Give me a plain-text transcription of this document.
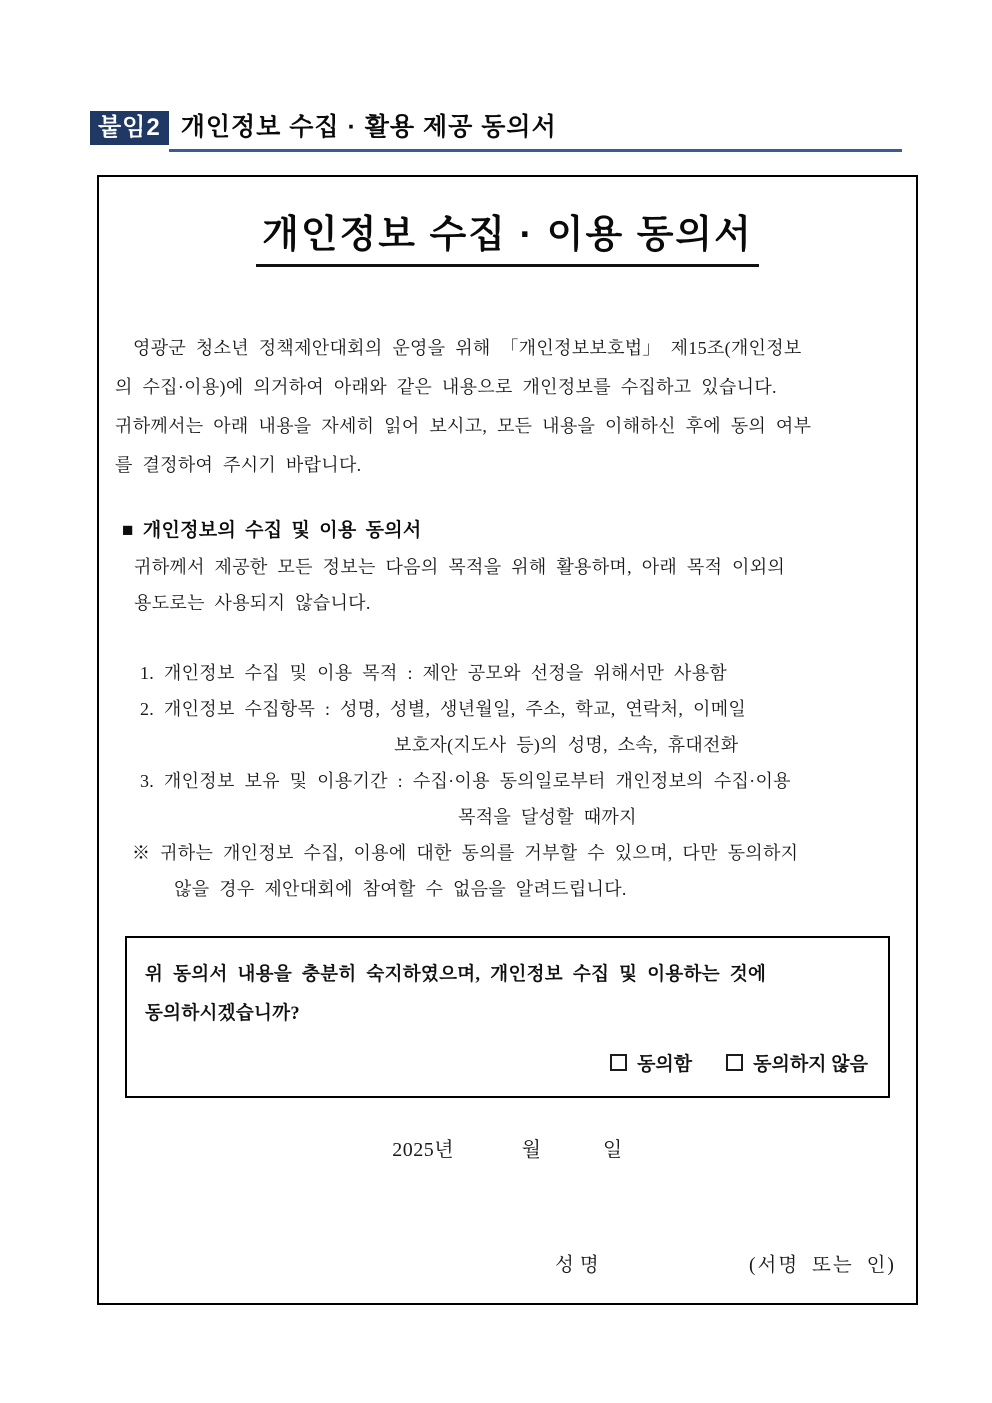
붙임2 개인정보 수집 · 활용 제공 동의서
개인정보 수집 · 이용 동의서
영광군 청소년 정책제안대회의 운영을 위해 「개인정보보호법」 제15조(개인정보
의 수집·이용)에 의거하여 아래와 같은 내용으로 개인정보를 수집하고 있습니다.
귀하께서는 아래 내용을 자세히 읽어 보시고, 모든 내용을 이해하신 후에 동의 여부
를 결정하여 주시기 바랍니다.
■ 개인정보의 수집 및 이용 동의서
귀하께서 제공한 모든 정보는 다음의 목적을 위해 활용하며, 아래 목적 이외의
용도로는 사용되지 않습니다.
1. 개인정보 수집 및 이용 목적 : 제안 공모와 선정을 위해서만 사용함
2. 개인정보 수집항목 : 성명, 성별, 생년월일, 주소, 학교, 연락처, 이메일
보호자(지도사 등)의 성명, 소속, 휴대전화
3. 개인정보 보유 및 이용기간 : 수집·이용 동의일로부터 개인정보의 수집·이용
목적을 달성할 때까지
※ 귀하는 개인정보 수집, 이용에 대한 동의를 거부할 수 있으며, 다만 동의하지
않을 경우 제안대회에 참여할 수 없음을 알려드립니다.
위 동의서 내용을 충분히 숙지하였으며, 개인정보 수집 및 이용하는 것에
동의하시겠습니까?
동의함	동의하지 않음
2025년	월	일
성명	(서명 또는 인)
